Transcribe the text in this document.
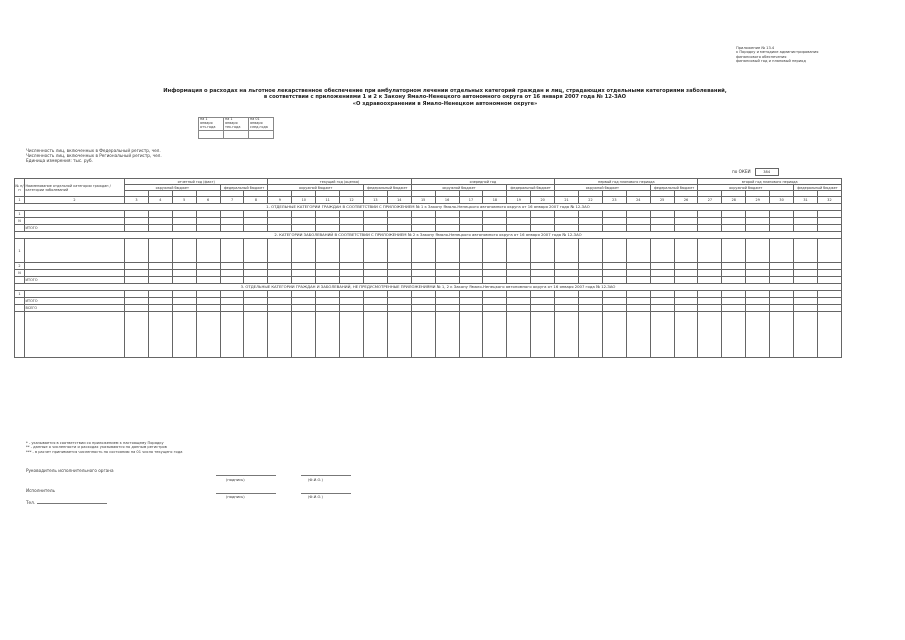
Приложение № 13.4
к Порядку и методике администрирования
финансового обеспечения
финансовый год и плановый период
Информация о расходах на льготное лекарственное обеспечение при амбулаторном лечении отдельных категорий граждан и лиц, страдающих отдельными категориями заболеваний,
в соответствии с приложениями 1 и 2 к Закону Ямало-Ненецкого автономного округа от 16 января 2007 года № 12-ЗАО
«О здравоохранении в Ямало-Ненецком автономном округе»
на 1
января
отч.года	на 1
января
тек.года	на 01
января
след.года

Численность лиц, включенных в Федеральный регистр, чел.
Численность лиц, включенных в Региональный регистр, чел.
Единица измерения: тыс. руб.
по ОКЕИ	384
№ п/п	Наименование отдельной категории граждан / категории заболеваний	отчетный год (факт)						текущий год (оценка)						очередной год						первый год планового периода						второй год планового периода					
		окружной бюджет				федеральный бюджет		окружной бюджет				федеральный бюджет		окружной бюджет				федеральный бюджет		окружной бюджет				федеральный бюджет		окружной бюджет				федеральный бюджет	

1	2	3	4	5	6	7	8	9	10	11	12	13	14	15	16	17	18	19	20	21	22	23	24	25	26	27	28	29	30	31	32
1. ОТДЕЛЬНЫЕ КАТЕГОРИИ ГРАЖДАН В СООТВЕТСТВИИ С ПРИЛОЖЕНИЕМ № 1 к Закону Ямало-Ненецкого автономного округа от 16 января 2007 года № 12-ЗАО																															
1																															
N																															
	ИТОГО																														
2. КАТЕГОРИИ ЗАБОЛЕВАНИЙ В СООТВЕТСТВИИ С ПРИЛОЖЕНИЕМ № 2 к Закону Ямало-Ненецкого автономного округа от 16 января 2007 года № 12-ЗАО																															
1																															
2																															
N																															
	ИТОГО																														
3. ОТДЕЛЬНЫЕ КАТЕГОРИИ ГРАЖДАН И ЗАБОЛЕВАНИЙ, НЕ ПРЕДУСМОТРЕННЫЕ ПРИЛОЖЕНИЯМИ № 1, 2 к Закону Ямало-Ненецкого автономного округа от 16 января 2007 года № 12-ЗАО																															
1																															
	ИТОГО																														
	ВСЕГО																														

* - указывается в соответствии со приложением к настоящему Порядку
** - данные о численности и расходах указываются по данным регистров
*** - в расчет принимается численность по состоянию на 01 число текущего года
Руководитель исполнительного органа
(подпись)	(Ф.И.О.)
Исполнитель
(подпись)	(Ф.И.О.)
Тел.
